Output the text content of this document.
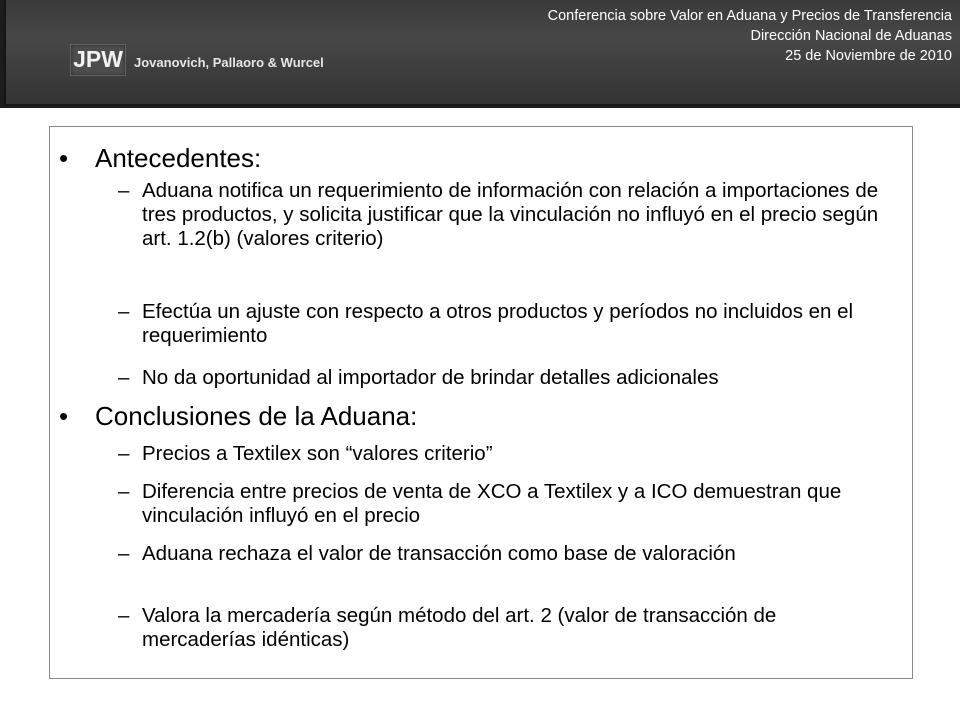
JPW Jovanovich, Pallaoro & Wurcel
Conferencia sobre Valor en Aduana y Precios de Transferencia
Dirección Nacional de Aduanas
25 de Noviembre de 2010
• Antecedentes:
– Aduana notifica un requerimiento de información con relación a importaciones de tres productos, y solicita justificar que la vinculación no influyó en el precio según art. 1.2(b) (valores criterio)
– Efectúa un ajuste con respecto a otros productos y períodos no incluidos en el requerimiento
– No da oportunidad al importador de brindar detalles adicionales
• Conclusiones de la Aduana:
– Precios a Textilex son “valores criterio”
– Diferencia entre precios de venta de XCO a Textilex y a ICO demuestran que vinculación influyó en el precio
– Aduana rechaza el valor de transacción como base de valoración
– Valora la mercadería según método del art. 2 (valor de transacción de mercaderías idénticas)
